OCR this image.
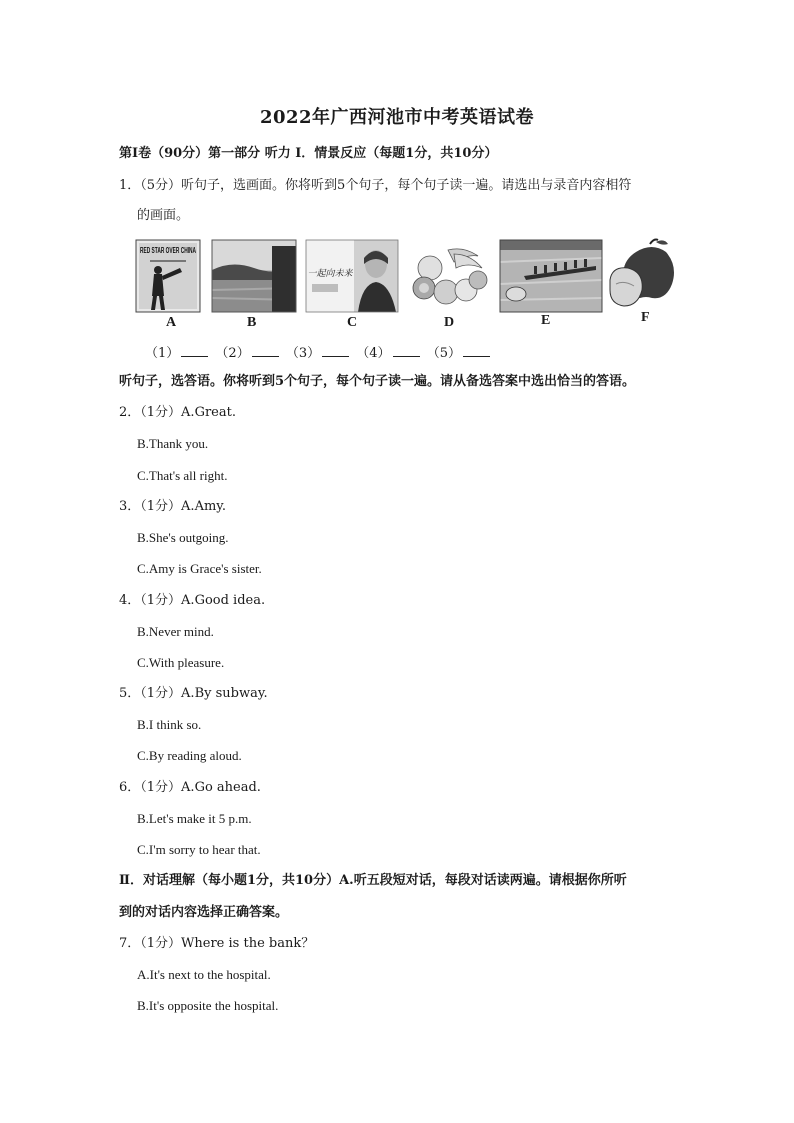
2022年广西河池市中考英语试卷
第Ⅰ卷（90分）第一部分 听力 Ⅰ．情景反应（每题1分，共10分）
1．（5分）听句子，选画面。你将听到5个句子，每个句子读一遍。请选出与录音内容相符
的画面。
RED STAR OVER CHINA
一起向未来
A	B	C	D	E	F
（1）	（2）	（3）	（4）	（5）
听句子，选答语。你将听到5个句子，每个句子读一遍。请从备选答案中选出恰当的答语。
2．（1分）A.Great.
B.Thank you.
C.That's all right.
3．（1分）A.Amy.
B.She's outgoing.
C.Amy is Grace's sister.
4．（1分）A.Good idea.
B.Never mind.
C.With pleasure.
5．（1分）A.By subway.
B.I think so.
C.By reading aloud.
6．（1分）A.Go ahead.
B.Let's make it 5 p.m.
C.I'm sorry to hear that.
Ⅱ．对话理解（每小题1分，共10分）A.听五段短对话，每段对话读两遍。请根据你所听
到的对话内容选择正确答案。
7．（1分）Where is the bank？
A.It's next to the hospital.
B.It's opposite the hospital.
